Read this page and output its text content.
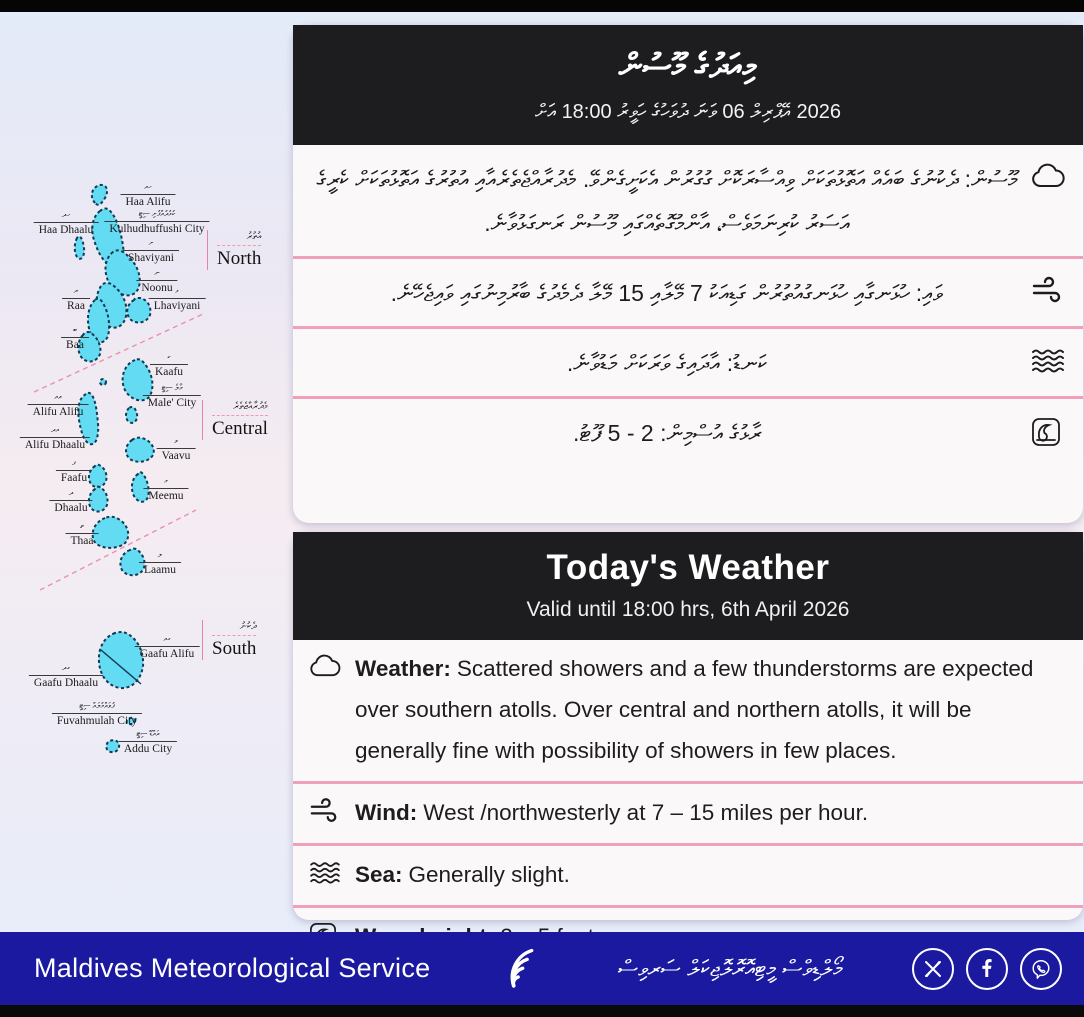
ހއ
Haa Alifu
ކުޅުދުއްފުށި ސިޓީ
Kulhudhuffushi City
ހދ
Haa Dhaalu
ށ
Shaviyani
ނ
Noonu
ރ
Raa
ޅ
Lhaviyani
ބ
Baa
ކ
Kaafu
މާލެ ސިޓީ
Male' City
އއ
Alifu Alifu
އދ
Alifu Dhaalu	ވ
Vaavu
ފ
Faafu	މ
Meemu
ދ
Dhaalu
ތ
Thaa
ލ
Laamu
ގއ
Gaafu Alifu
ގދ
Gaafu Dhaalu
ފުވައްމުލައް ސިޓީ
Fuvahmulah City
އައްޑޫ ސިޓީ
Addu City
އުތުރު
North
މެދުރާއްޖެތެރެ
Central
ދެކުނު
South
މިއަދުގެ މޫސުން
2026 އޭޕްރިލް 06 ވަނަ ދުވަހުގެ ހަވީރު 18:00 އަށް

މޫސުން: ދެކުނުގެ ބައެއް އަތޮޅުތަކަށް ވިއްސާރަކޮށް ގުގުރުން އެކަށީގެންވޭ. މެދުރާއްޖެތެރެއާއި އުތުރުގެ އަތޮޅުތަކަށް ކެރީގެ އަސަރު ކުރިނަމަވެސް، އާންމުގޮތެއްގައި މޫސުން ރަނގަޅުވާނެ.

ވައި: ހުޅަނގާއި ހުޅަނގުއުތުރުން ގަޑިއަކު 7 މޭލާއި 15 މޭލާ ދެމެދުގެ ބާރުމިނުގައި ވައިޖެހޭނެ.

ކަނޑު: އާދައިގެ ވަރަކަށް މަޑުވާނެ.

ރާޅުގެ އުސްމިން: 2 - 5 ފޫޓު.

Today's Weather
Valid until 18:00 hrs, 6th April 2026

Weather: Scattered showers and a few thunderstorms are expected over southern atolls. Over central and northern atolls, it will be generally fine with possibility of showers in few places.

Wind: West /northwesterly at 7 – 15 miles per hour.

Sea: Generally slight.

Maldives Meteorological Service	މޯލްޑިވްސް މީޓިއޮރޮލޮޖިކަލް ސަރވިސް
